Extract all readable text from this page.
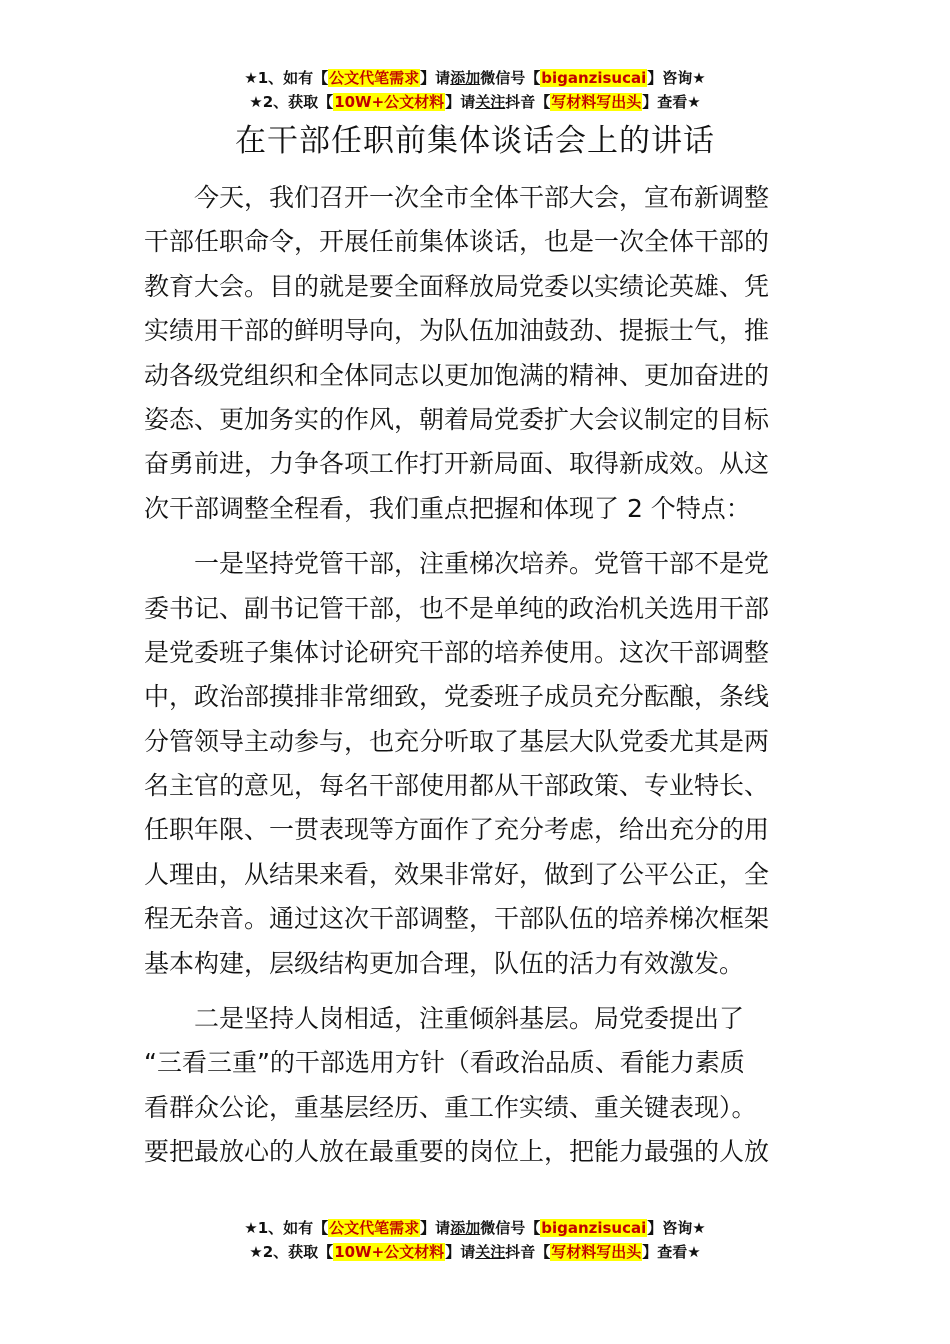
★1、如有【公文代笔需求】请添加微信号【biganzisucai】咨询★
★2、获取【10W+公文材料】请关注抖音【写材料写出头】查看★
在干部任职前集体谈话会上的讲话
　　今天，我们召开一次全市全体干部大会，宣布新调整
干部任职命令，开展任前集体谈话，也是一次全体干部的
教育大会。目的就是要全面释放局党委以实绩论英雄、凭
实绩用干部的鲜明导向，为队伍加油鼓劲、提振士气，推
动各级党组织和全体同志以更加饱满的精神、更加奋进的
姿态、更加务实的作风，朝着局党委扩大会议制定的目标
奋勇前进，力争各项工作打开新局面、取得新成效。从这
次干部调整全程看，我们重点把握和体现了 2 个特点：
　　一是坚持党管干部，注重梯次培养。党管干部不是党
委书记、副书记管干部，也不是单纯的政治机关选用干部
是党委班子集体讨论研究干部的培养使用。这次干部调整
中，政治部摸排非常细致，党委班子成员充分酝酿，条线
分管领导主动参与，也充分听取了基层大队党委尤其是两
名主官的意见，每名干部使用都从干部政策、专业特长、
任职年限、一贯表现等方面作了充分考虑，给出充分的用
人理由，从结果来看，效果非常好，做到了公平公正，全
程无杂音。通过这次干部调整，干部队伍的培养梯次框架
基本构建，层级结构更加合理，队伍的活力有效激发。
　　二是坚持人岗相适，注重倾斜基层。局党委提出了
“三看三重”的干部选用方针（看政治品质、看能力素质
看群众公论，重基层经历、重工作实绩、重关键表现）。
要把最放心的人放在最重要的岗位上，把能力最强的人放
★1、如有【公文代笔需求】请添加微信号【biganzisucai】咨询★
★2、获取【10W+公文材料】请关注抖音【写材料写出头】查看★
